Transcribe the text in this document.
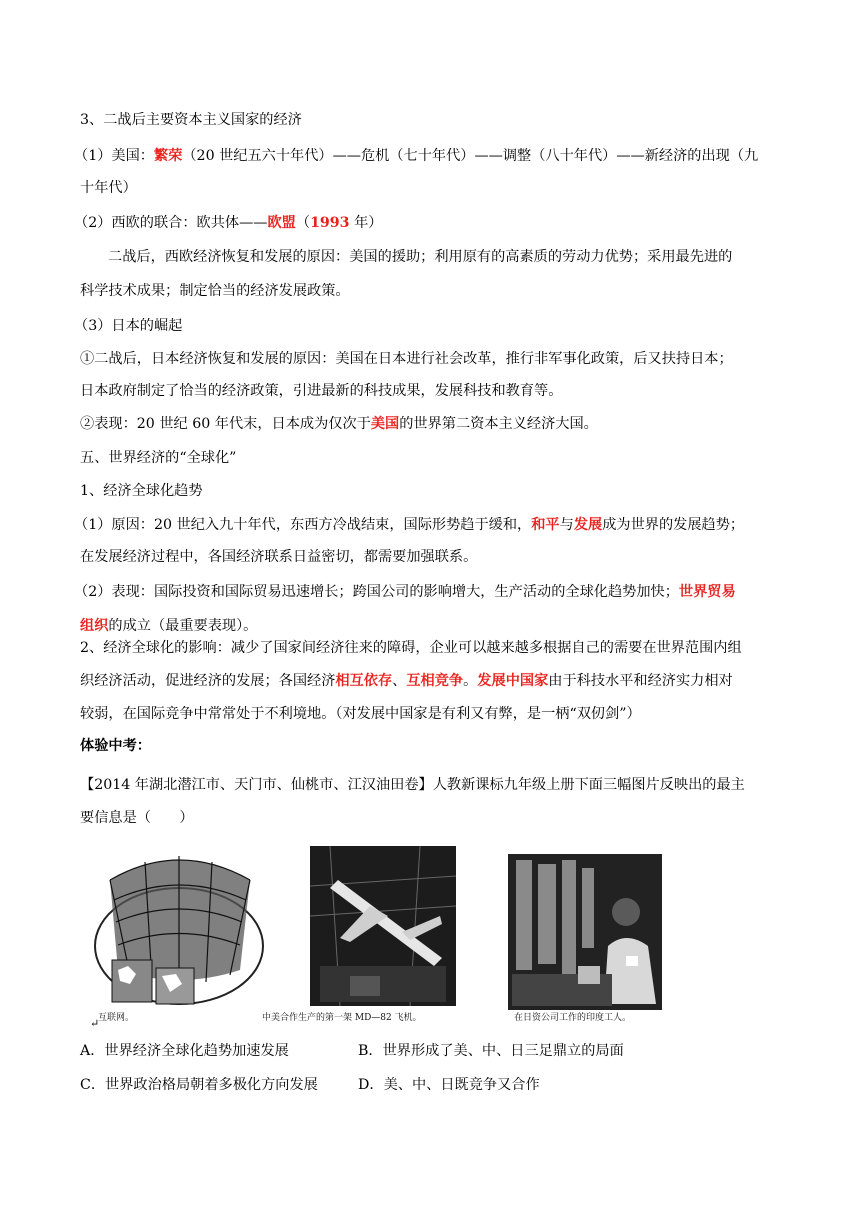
3、二战后主要资本主义国家的经济
（1）美国：繁荣（20 世纪五六十年代）——危机（七十年代）——调整（八十年代）——新经济的出现（九
十年代）
（2）西欧的联合：欧共体——欧盟（1993 年）
二战后，西欧经济恢复和发展的原因：美国的援助；利用原有的高素质的劳动力优势；采用最先进的
科学技术成果；制定恰当的经济发展政策。
（3）日本的崛起
①二战后，日本经济恢复和发展的原因：美国在日本进行社会改革，推行非军事化政策，后又扶持日本；
日本政府制定了恰当的经济政策，引进最新的科技成果，发展科技和教育等。
②表现：20 世纪 60 年代末，日本成为仅次于美国的世界第二资本主义经济大国。
五、世界经济的“全球化”
1、经济全球化趋势
（1）原因：20 世纪入九十年代，东西方冷战结束，国际形势趋于缓和，和平与发展成为世界的发展趋势；
在发展经济过程中，各国经济联系日益密切，都需要加强联系。
（2）表现：国际投资和国际贸易迅速增长；跨国公司的影响增大，生产活动的全球化趋势加快；世界贸易
组织的成立（最重要表现）。
2、经济全球化的影响：减少了国家间经济往来的障碍，企业可以越来越多根据自己的需要在世界范围内组
织经济活动，促进经济的发展；各国经济相互依存、互相竞争。发展中国家由于科技水平和经济实力相对
较弱，在国际竞争中常常处于不利境地。（对发展中国家是有利又有弊，是一柄“双仞剑”）
体验中考：
【2014 年湖北潜江市、天门市、仙桃市、江汉油田卷】人教新课标九年级上册下面三幅图片反映出的最主
要信息是（　　）
互联网。	中美合作生产的第一架 MD—82 飞机。	在日资公司工作的印度工人。
↵
A．世界经济全球化趋势加速发展	B．世界形成了美、中、日三足鼎立的局面
C．世界政治格局朝着多极化方向发展	D．美、中、日既竞争又合作
